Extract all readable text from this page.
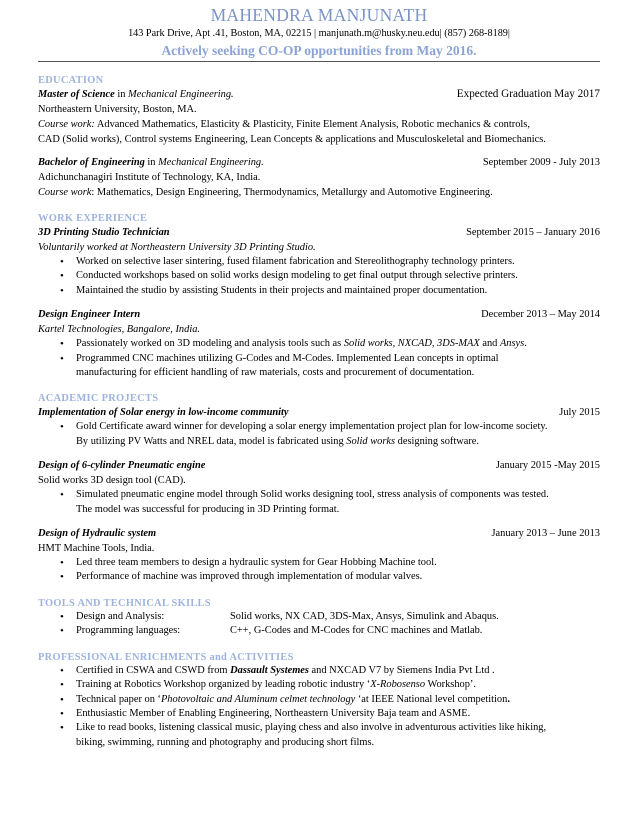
MAHENDRA MANJUNATH
143 Park Drive, Apt .41, Boston, MA, 02215 | manjunath.m@husky.neu.edu| (857) 268-8189|
Actively seeking CO-OP opportunities from May 2016.
EDUCATION
Master of Science in Mechanical Engineering.	Expected Graduation May 2017
Northeastern University, Boston, MA.
Course work: Advanced Mathematics, Elasticity & Plasticity, Finite Element Analysis, Robotic mechanics & controls,
CAD (Solid works), Control systems Engineering, Lean Concepts & applications and Musculoskeletal and Biomechanics.
Bachelor of Engineering in Mechanical Engineering.	September 2009 - July 2013
Adichunchanagiri Institute of Technology, KA, India.
Course work: Mathematics, Design Engineering, Thermodynamics, Metallurgy and Automotive Engineering.
WORK EXPERIENCE
3D Printing Studio Technician	September 2015 – January 2016
Voluntarily worked at Northeastern University 3D Printing Studio.
• Worked on selective laser sintering, fused filament fabrication and Stereolithography technology printers.
• Conducted workshops based on solid works design modeling to get final output through selective printers.
• Maintained the studio by assisting Students in their projects and maintained proper documentation.
Design Engineer Intern	December 2013 – May 2014
Kartel Technologies, Bangalore, India.
• Passionately worked on 3D modeling and analysis tools such as Solid works, NXCAD, 3DS-MAX and Ansys.
• Programmed CNC machines utilizing G-Codes and M-Codes. Implemented Lean concepts in optimal
manufacturing for efficient handling of raw materials, costs and procurement of documentation.
ACADEMIC PROJECTS
Implementation of Solar energy in low-income community	July 2015
• Gold Certificate award winner for developing a solar energy implementation project plan for low-income society.
By utilizing PV Watts and NREL data, model is fabricated using Solid works designing software.
Design of 6-cylinder Pneumatic engine	January 2015 -May 2015
Solid works 3D design tool (CAD).
• Simulated pneumatic engine model through Solid works designing tool, stress analysis of components was tested.
The model was successful for producing in 3D Printing format.
Design of Hydraulic system	January 2013 – June 2013
HMT Machine Tools, India.
• Led three team members to design a hydraulic system for Gear Hobbing Machine tool.
• Performance of machine was improved through implementation of modular valves.
TOOLS AND TECHNICAL SKILLS
• Design and Analysis:	Solid works, NX CAD, 3DS-Max, Ansys, Simulink and Abaqus.
• Programming languages:	C++, G-Codes and M-Codes for CNC machines and Matlab.
PROFESSIONAL ENRICHMENTS and ACTIVITIES
• Certified in CSWA and CSWD from Dassault Systemes and NXCAD V7 by Siemens India Pvt Ltd .
• Training at Robotics Workshop organized by leading robotic industry ‘X-Robosenso Workshop’.
• Technical paper on ‘Photovoltaic and Aluminum celmet technology ‘at IEEE National level competition.
• Enthusiastic Member of Enabling Engineering, Northeastern University Baja team and ASME.
• Like to read books, listening classical music, playing chess and also involve in adventurous activities like hiking,
biking, swimming, running and photography and producing short films.
